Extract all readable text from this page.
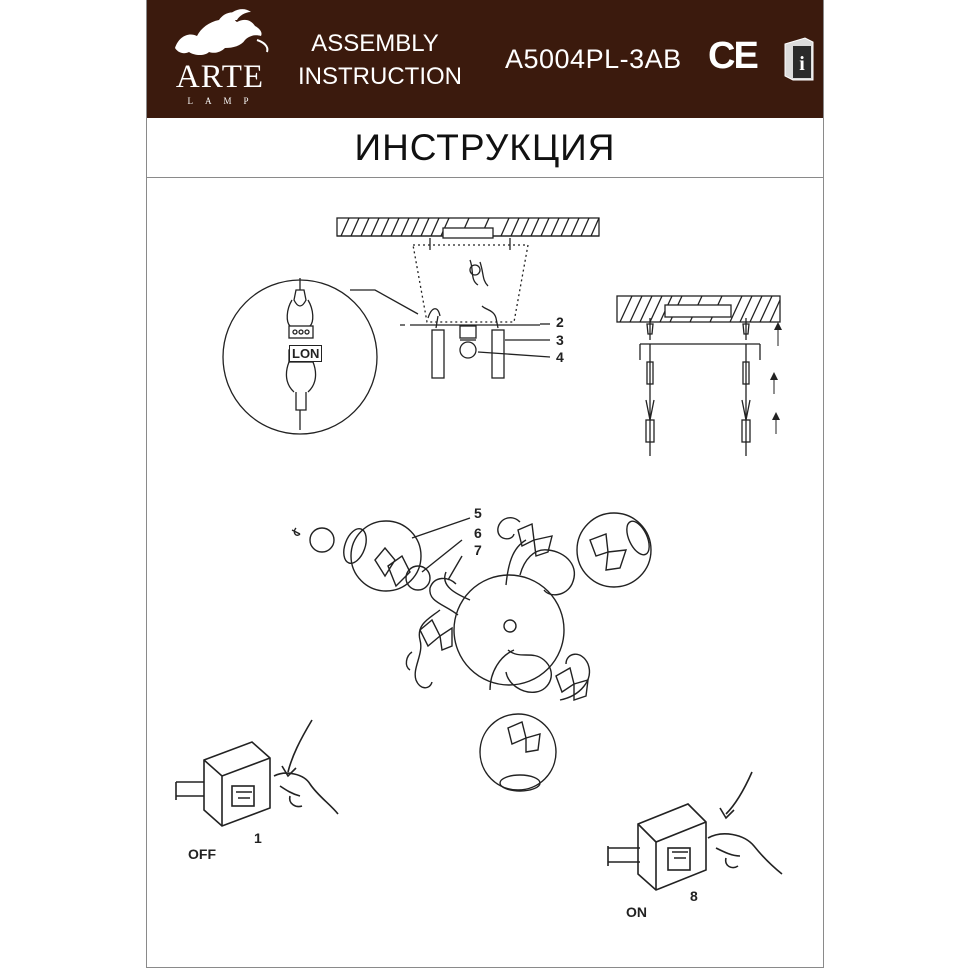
ARTE
LAMP
ASSEMBLY
INSTRUCTION
A5004PL-3AB CE i
ИНСТРУКЦИЯ
LON
2
3
4
5
6
7
1
OFF
8
ON
